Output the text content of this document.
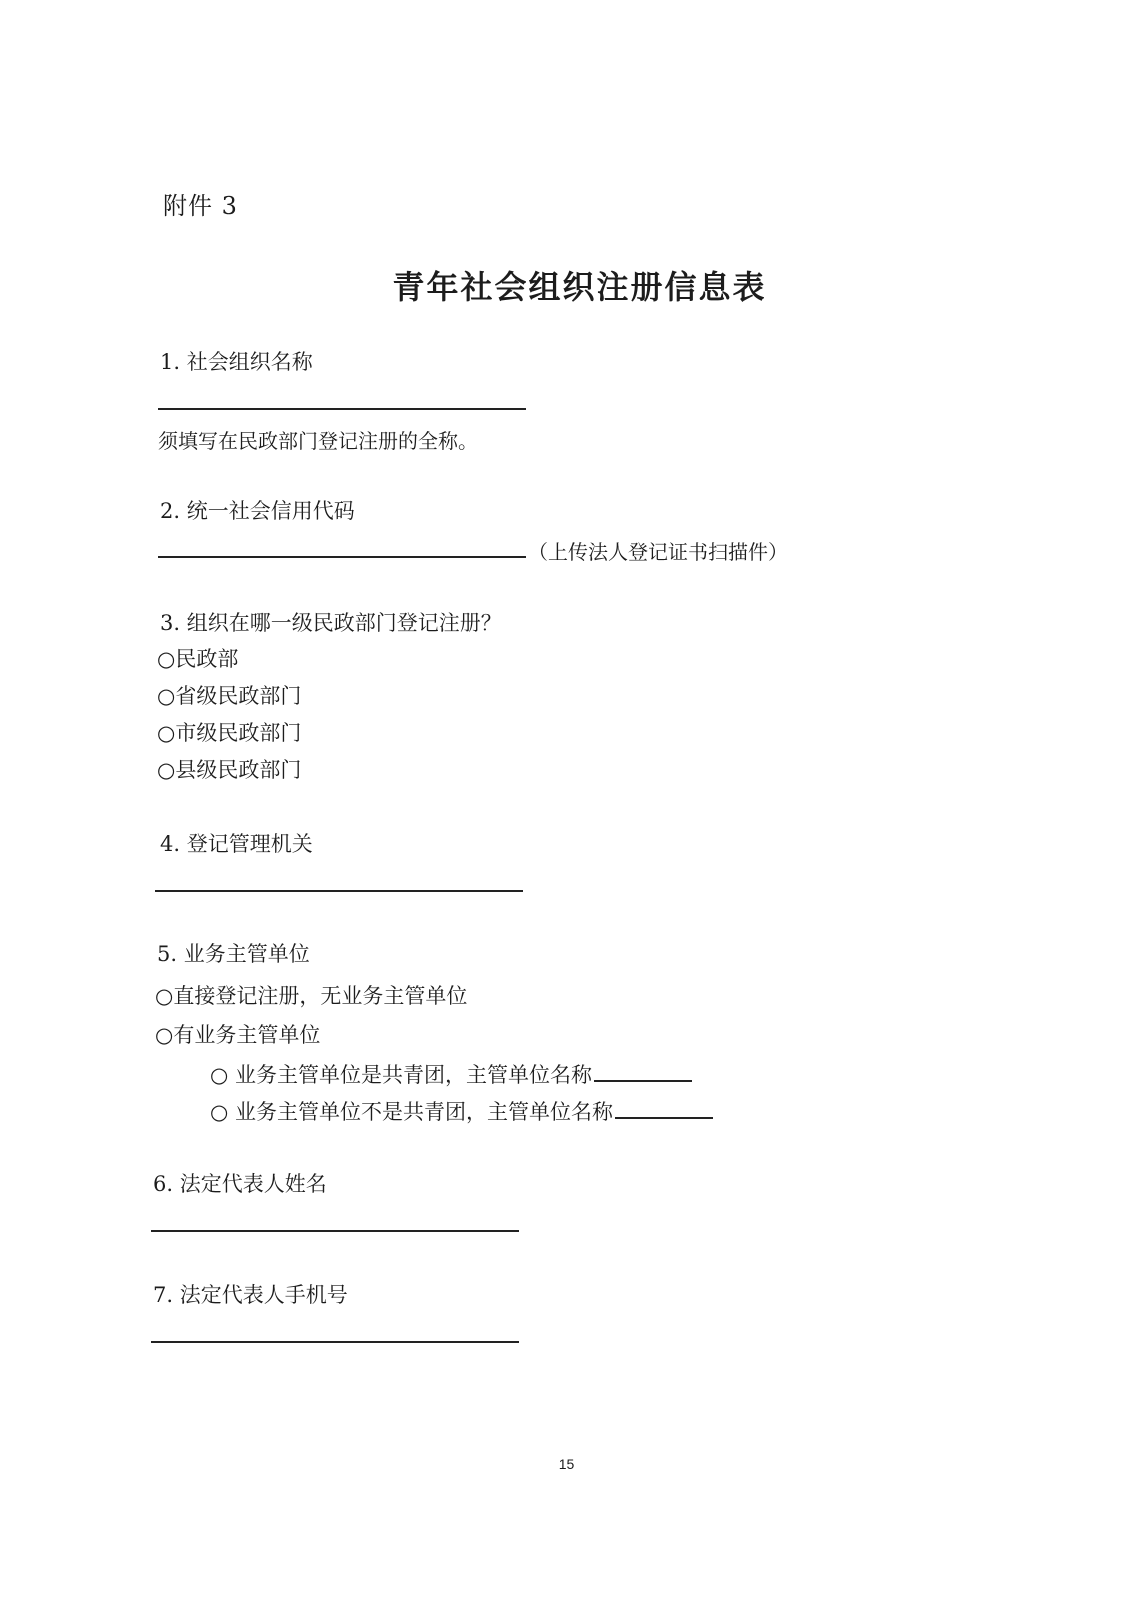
附件 3
青年社会组织注册信息表
1. 社会组织名称
须填写在民政部门登记注册的全称。
2. 统一社会信用代码
（上传法人登记证书扫描件）
3. 组织在哪一级民政部门登记注册？
○民政部
○省级民政部门
○市级民政部门
○县级民政部门
4. 登记管理机关
5. 业务主管单位
○直接登记注册，无业务主管单位
○有业务主管单位
○ 业务主管单位是共青团，主管单位名称
○ 业务主管单位不是共青团，主管单位名称
6. 法定代表人姓名
7. 法定代表人手机号
15
